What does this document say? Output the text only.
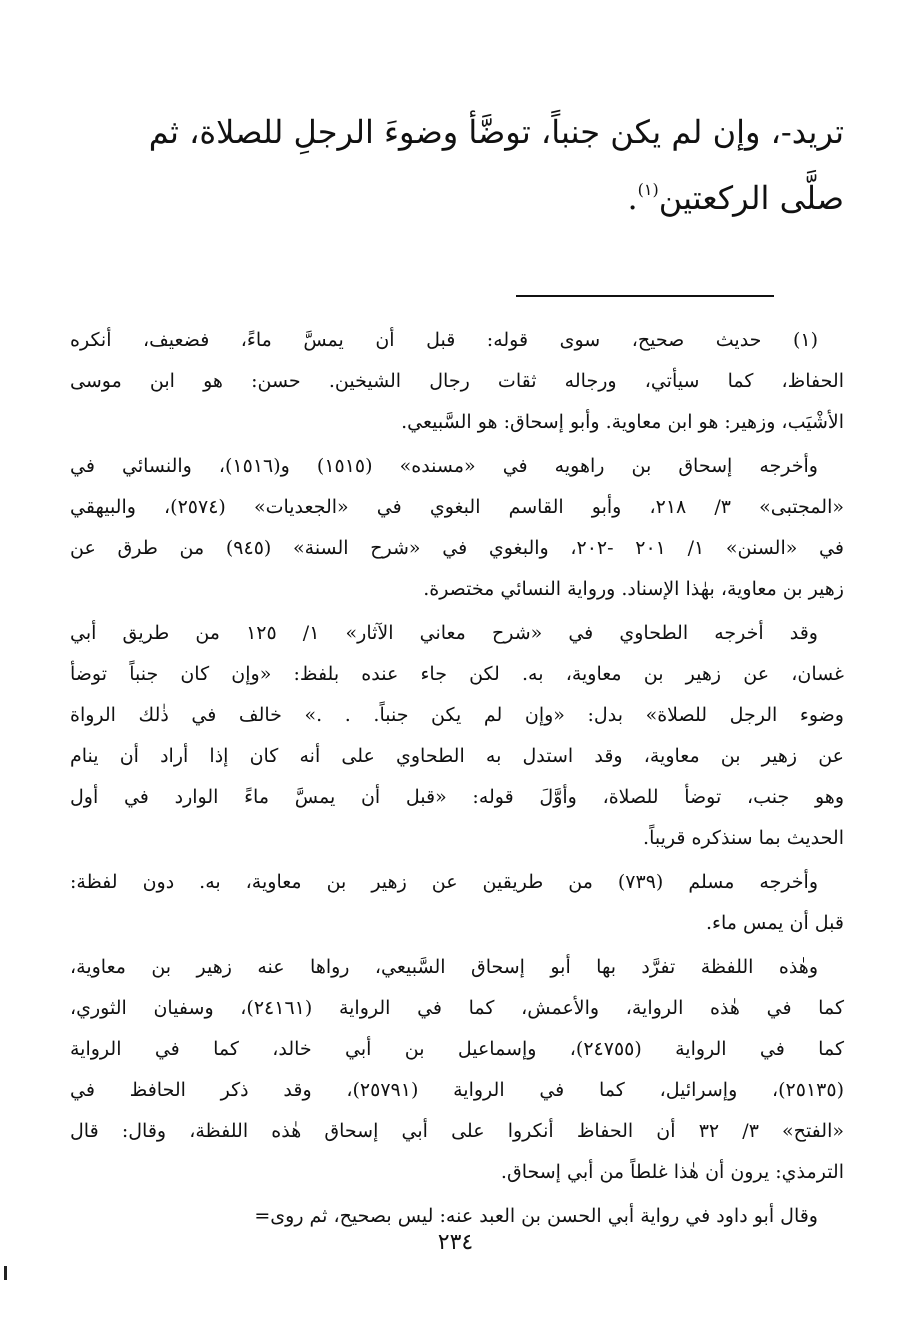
تريد-، وإن لم يكن جنباً، توضَّأ وضوءَ الرجلِ للصلاة، ثم
صلَّى الركعتين$^{(١)}$.
(١) حديث صحيح، سوى قوله: قبل أن يمسَّ ماءً، فضعيف، أنكره
الحفاظ، كما سيأتي، ورجاله ثقات رجال الشيخين. حسن: هو ابن موسى
الأشْيَب، وزهير: هو ابن معاوية. وأبو إسحاق: هو السَّبيعي.
وأخرجه إسحاق بن راهويه في «مسنده» (١٥١٥) و(١٥١٦)، والنسائي في
«المجتبى» ٣/ ٢١٨، وأبو القاسم البغوي في «الجعديات» (٢٥٧٤)، والبيهقي
في «السنن» ١/ ٢٠١ -٢٠٢، والبغوي في «شرح السنة» (٩٤٥) من طرق عن
زهير بن معاوية، بهٰذا الإسناد. ورواية النسائي مختصرة.
وقد أخرجه الطحاوي في «شرح معاني الآثار» ١/ ١٢٥ من طريق أبي
غسان، عن زهير بن معاوية، به. لكن جاء عنده بلفظ: «وإن كان جنباً توضأ
وضوء الرجل للصلاة» بدل: «وإن لم يكن جنباً. . .» خالف في ذٰلك الرواة
عن زهير بن معاوية، وقد استدل به الطحاوي على أنه كان إذا أراد أن ينام
وهو جنب، توضأ للصلاة، وأوَّلَ قوله: «قبل أن يمسَّ ماءً الوارد في أول
الحديث بما سنذكره قريباً.
وأخرجه مسلم (٧٣٩) من طريقين عن زهير بن معاوية، به. دون لفظة:
قبل أن يمس ماء.
وهٰذه اللفظة تفرَّد بها أبو إسحاق السَّبيعي، رواها عنه زهير بن معاوية،
كما في هٰذه الرواية، والأعمش، كما في الرواية (٢٤١٦١)، وسفيان الثوري،
كما في الرواية (٢٤٧٥٥)، وإسماعيل بن أبي خالد، كما في الرواية
(٢٥١٣٥)، وإسرائيل، كما في الرواية (٢٥٧٩١)، وقد ذكر الحافظ في
«الفتح» ٣/ ٣٢ أن الحفاظ أنكروا على أبي إسحاق هٰذه اللفظة، وقال: قال
الترمذي: يرون أن هٰذا غلطاً من أبي إسحاق.
وقال أبو داود في رواية أبي الحسن بن العبد عنه: ليس بصحيح، ثم روى=
٢٣٤
